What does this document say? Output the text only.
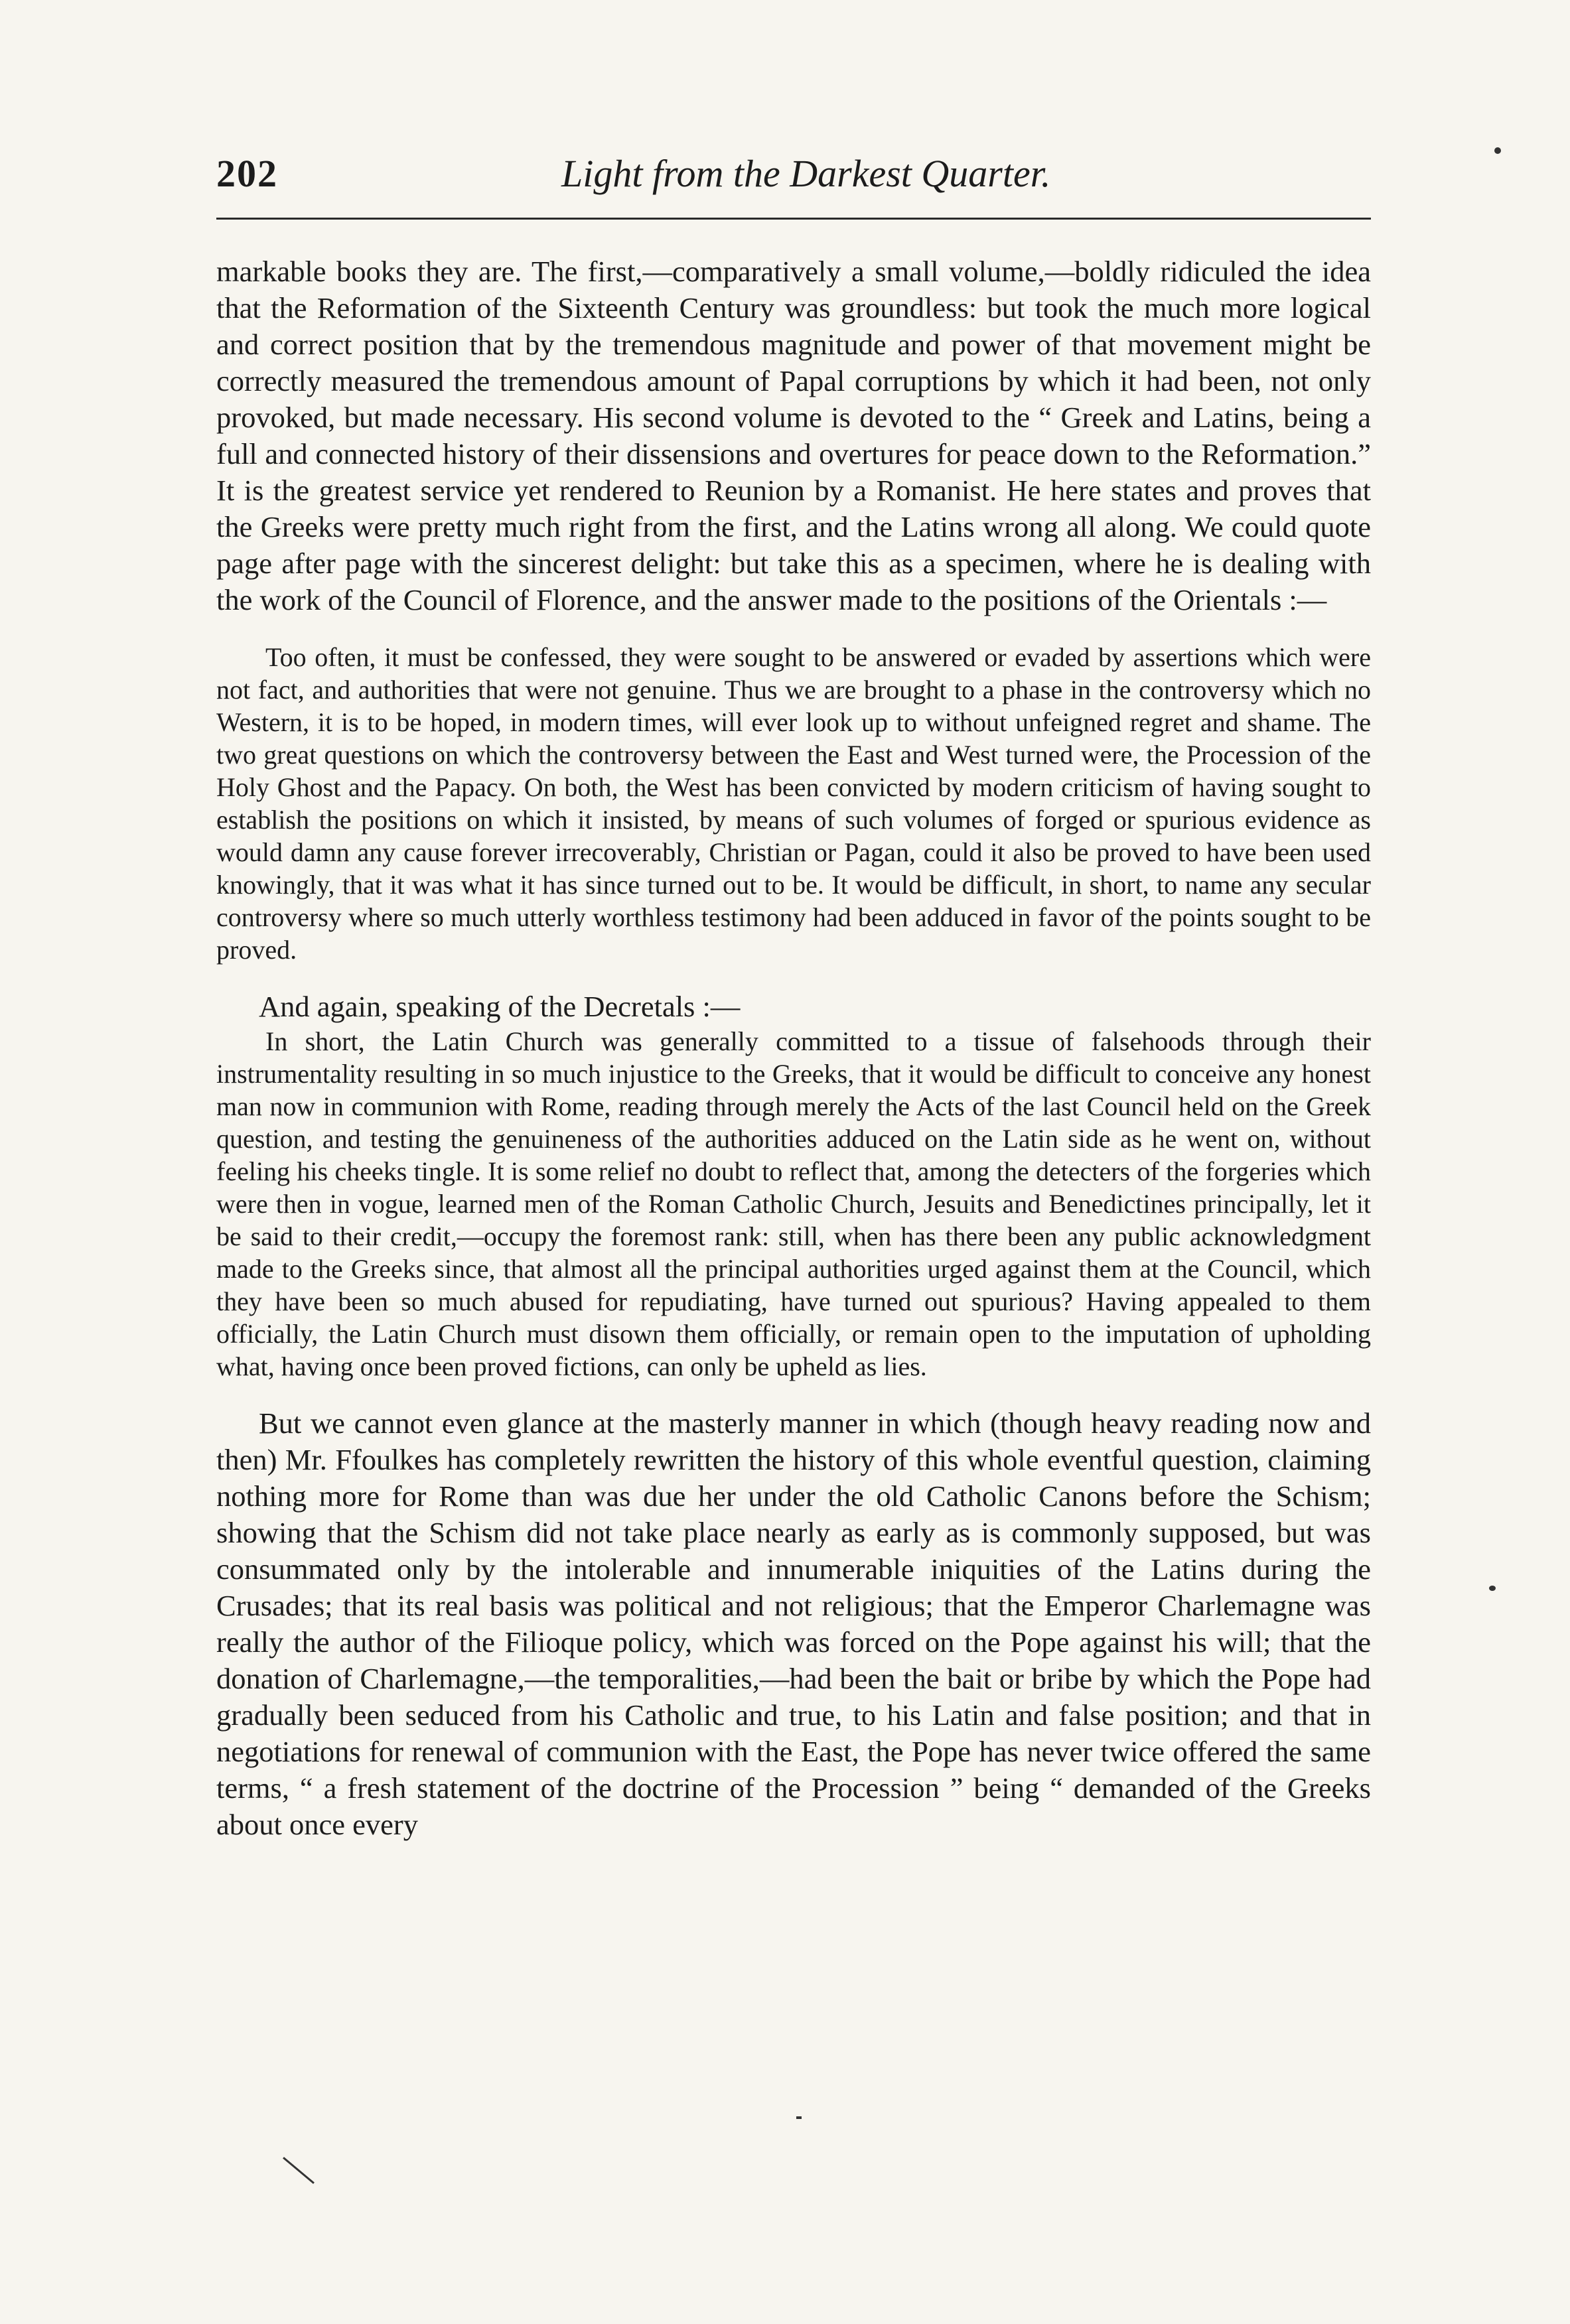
202	Light from the Darkest Quarter.

markable books they are. The first,—comparatively a small volume,—boldly ridiculed the idea that the Reformation of the Sixteenth Century was groundless: but took the much more logical and correct position that by the tremendous magnitude and power of that movement might be correctly measured the tremendous amount of Papal corruptions by which it had been, not only provoked, but made necessary. His second volume is devoted to the “ Greek and Latins, being a full and connected history of their dissensions and overtures for peace down to the Reformation.” It is the greatest service yet rendered to Reunion by a Romanist. He here states and proves that the Greeks were pretty much right from the first, and the Latins wrong all along. We could quote page after page with the sincerest delight: but take this as a specimen, where he is dealing with the work of the Council of Florence, and the answer made to the positions of the Orientals :—

Too often, it must be confessed, they were sought to be answered or evaded by assertions which were not fact, and authorities that were not genuine. Thus we are brought to a phase in the controversy which no Western, it is to be hoped, in modern times, will ever look up to without unfeigned regret and shame. The two great questions on which the controversy between the East and West turned were, the Procession of the Holy Ghost and the Papacy. On both, the West has been convicted by modern criticism of having sought to establish the positions on which it insisted, by means of such volumes of forged or spurious evidence as would damn any cause forever irrecoverably, Christian or Pagan, could it also be proved to have been used knowingly, that it was what it has since turned out to be. It would be difficult, in short, to name any secular controversy where so much utterly worthless testimony had been adduced in favor of the points sought to be proved.

And again, speaking of the Decretals :—

In short, the Latin Church was generally committed to a tissue of falsehoods through their instrumentality resulting in so much injustice to the Greeks, that it would be difficult to conceive any honest man now in communion with Rome, reading through merely the Acts of the last Council held on the Greek question, and testing the genuineness of the authorities adduced on the Latin side as he went on, without feeling his cheeks tingle. It is some relief no doubt to reflect that, among the detecters of the forgeries which were then in vogue, learned men of the Roman Catholic Church, Jesuits and Benedictines principally, let it be said to their credit,—occupy the foremost rank: still, when has there been any public acknowledgment made to the Greeks since, that almost all the principal authorities urged against them at the Council, which they have been so much abused for repudiating, have turned out spurious? Having appealed to them officially, the Latin Church must disown them officially, or remain open to the imputation of upholding what, having once been proved fictions, can only be upheld as lies.

But we cannot even glance at the masterly manner in which (though heavy reading now and then) Mr. Ffoulkes has completely rewritten the history of this whole eventful question, claiming nothing more for Rome than was due her under the old Catholic Canons before the Schism; showing that the Schism did not take place nearly as early as is commonly supposed, but was consummated only by the intolerable and innumerable iniquities of the Latins during the Crusades; that its real basis was political and not religious; that the Emperor Charlemagne was really the author of the Filioque policy, which was forced on the Pope against his will; that the donation of Charlemagne,—the temporalities,—had been the bait or bribe by which the Pope had gradually been seduced from his Catholic and true, to his Latin and false position; and that in negotiations for renewal of communion with the East, the Pope has never twice offered the same terms, “ a fresh statement of the doctrine of the Procession ” being “ demanded of the Greeks about once every
